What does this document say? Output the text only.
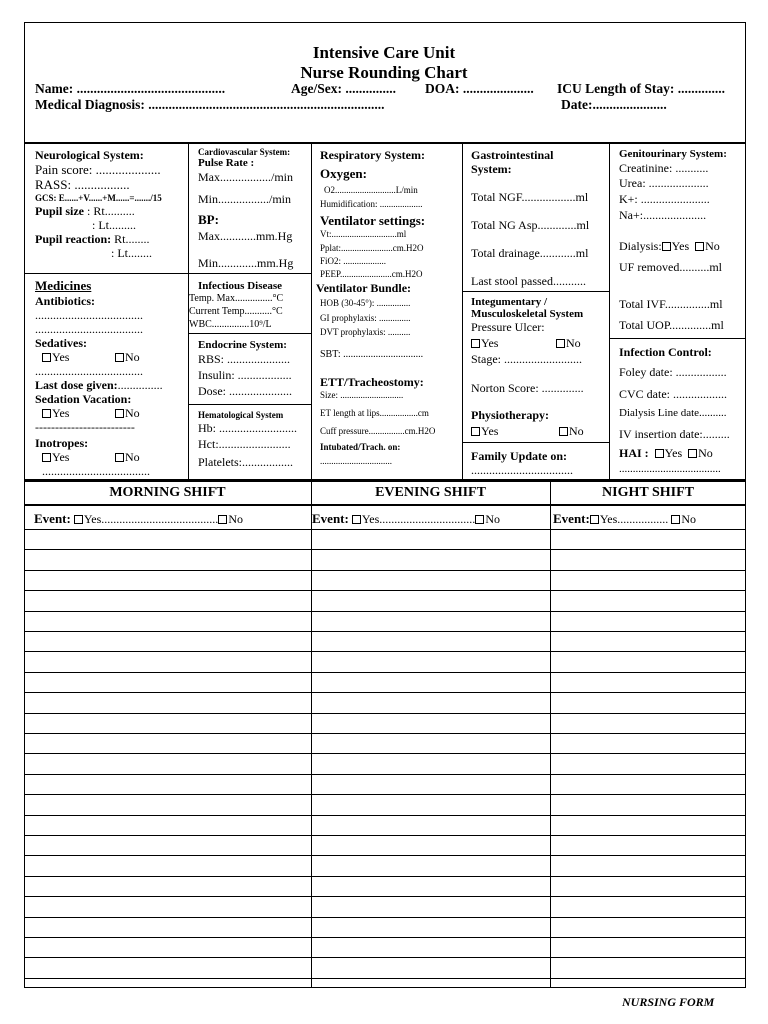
Intensive Care Unit
Nurse Rounding Chart
Name: ............................................	Age/Sex: ............... DOA: ..................... ICU Length of Stay: ..............
Medical Diagnosis: ......................................................................	Date:......................
Neurological System:
Pain score: ....................
RASS: .................
GCS: E......+V......+M......=......./15
Pupil size : Rt..........
: Lt.........
Pupil reaction: Rt........
: Lt........
Cardiovascular System:
Pulse Rate :
Max................./min
Min................./min
BP:
Max............mm.Hg
Min.............mm.Hg
Respiratory System:
Oxygen:
O2...........................L/min
Humidification: ...................
Ventilator settings:
Vt:.............................ml
Pplat:.......................cm.H2O
FiO2: ...................
PEEP.......................cm.H2O
Ventilator Bundle:
HOB (30-45°): ...............
GI prophylaxis: ..............
DVT prophylaxis: ..........
SBT: ................................
ETT/Tracheostomy:
Size: ............................
ET length at lips.................cm
Cuff pressure................cm.H2O
Intubated/Trach. on:
................................
Gastrointestinal
System:
Total NGF..................ml
Total NG Asp.............ml
Total drainage............ml
Last stool passed...........
Integumentary /
Musculoskeletal System
Pressure Ulcer:
Yes	No
Stage: ..........................
Norton Score: ..............
Physiotherapy:
Yes	No
Family Update on:
..................................
Genitourinary System:
Creatinine: ...........
Urea: ....................
K+: .......................
Na+:.....................
Dialysis: Yes No
UF removed..........ml
Total IVF...............ml
Total UOP..............ml
Infection Control:
Foley date: .................
CVC date: ..................
Dialysis Line date..........
IV insertion date:.........
HAI : Yes No
.....................................
Medicines
Antibiotics:
....................................
....................................
Sedatives:
Yes	No
....................................
Last dose given:...............
Sedation Vacation:
Yes	No
-------------------------
Inotropes:
Yes	No
....................................
Infectious Disease
Temp. Max...............°C
Current Temp...........°C
WBC...............10⁹/L
Endocrine System:
RBS: .....................
Insulin: ..................
Dose: .....................
Hematological System
Hb: ..........................
Hct:........................
Platelets:.................
MORNING SHIFT	EVENING SHIFT	NIGHT SHIFT
Event: Yes....................................... No	Event: Yes................................ No	Event: Yes................. No
NURSING FORM
